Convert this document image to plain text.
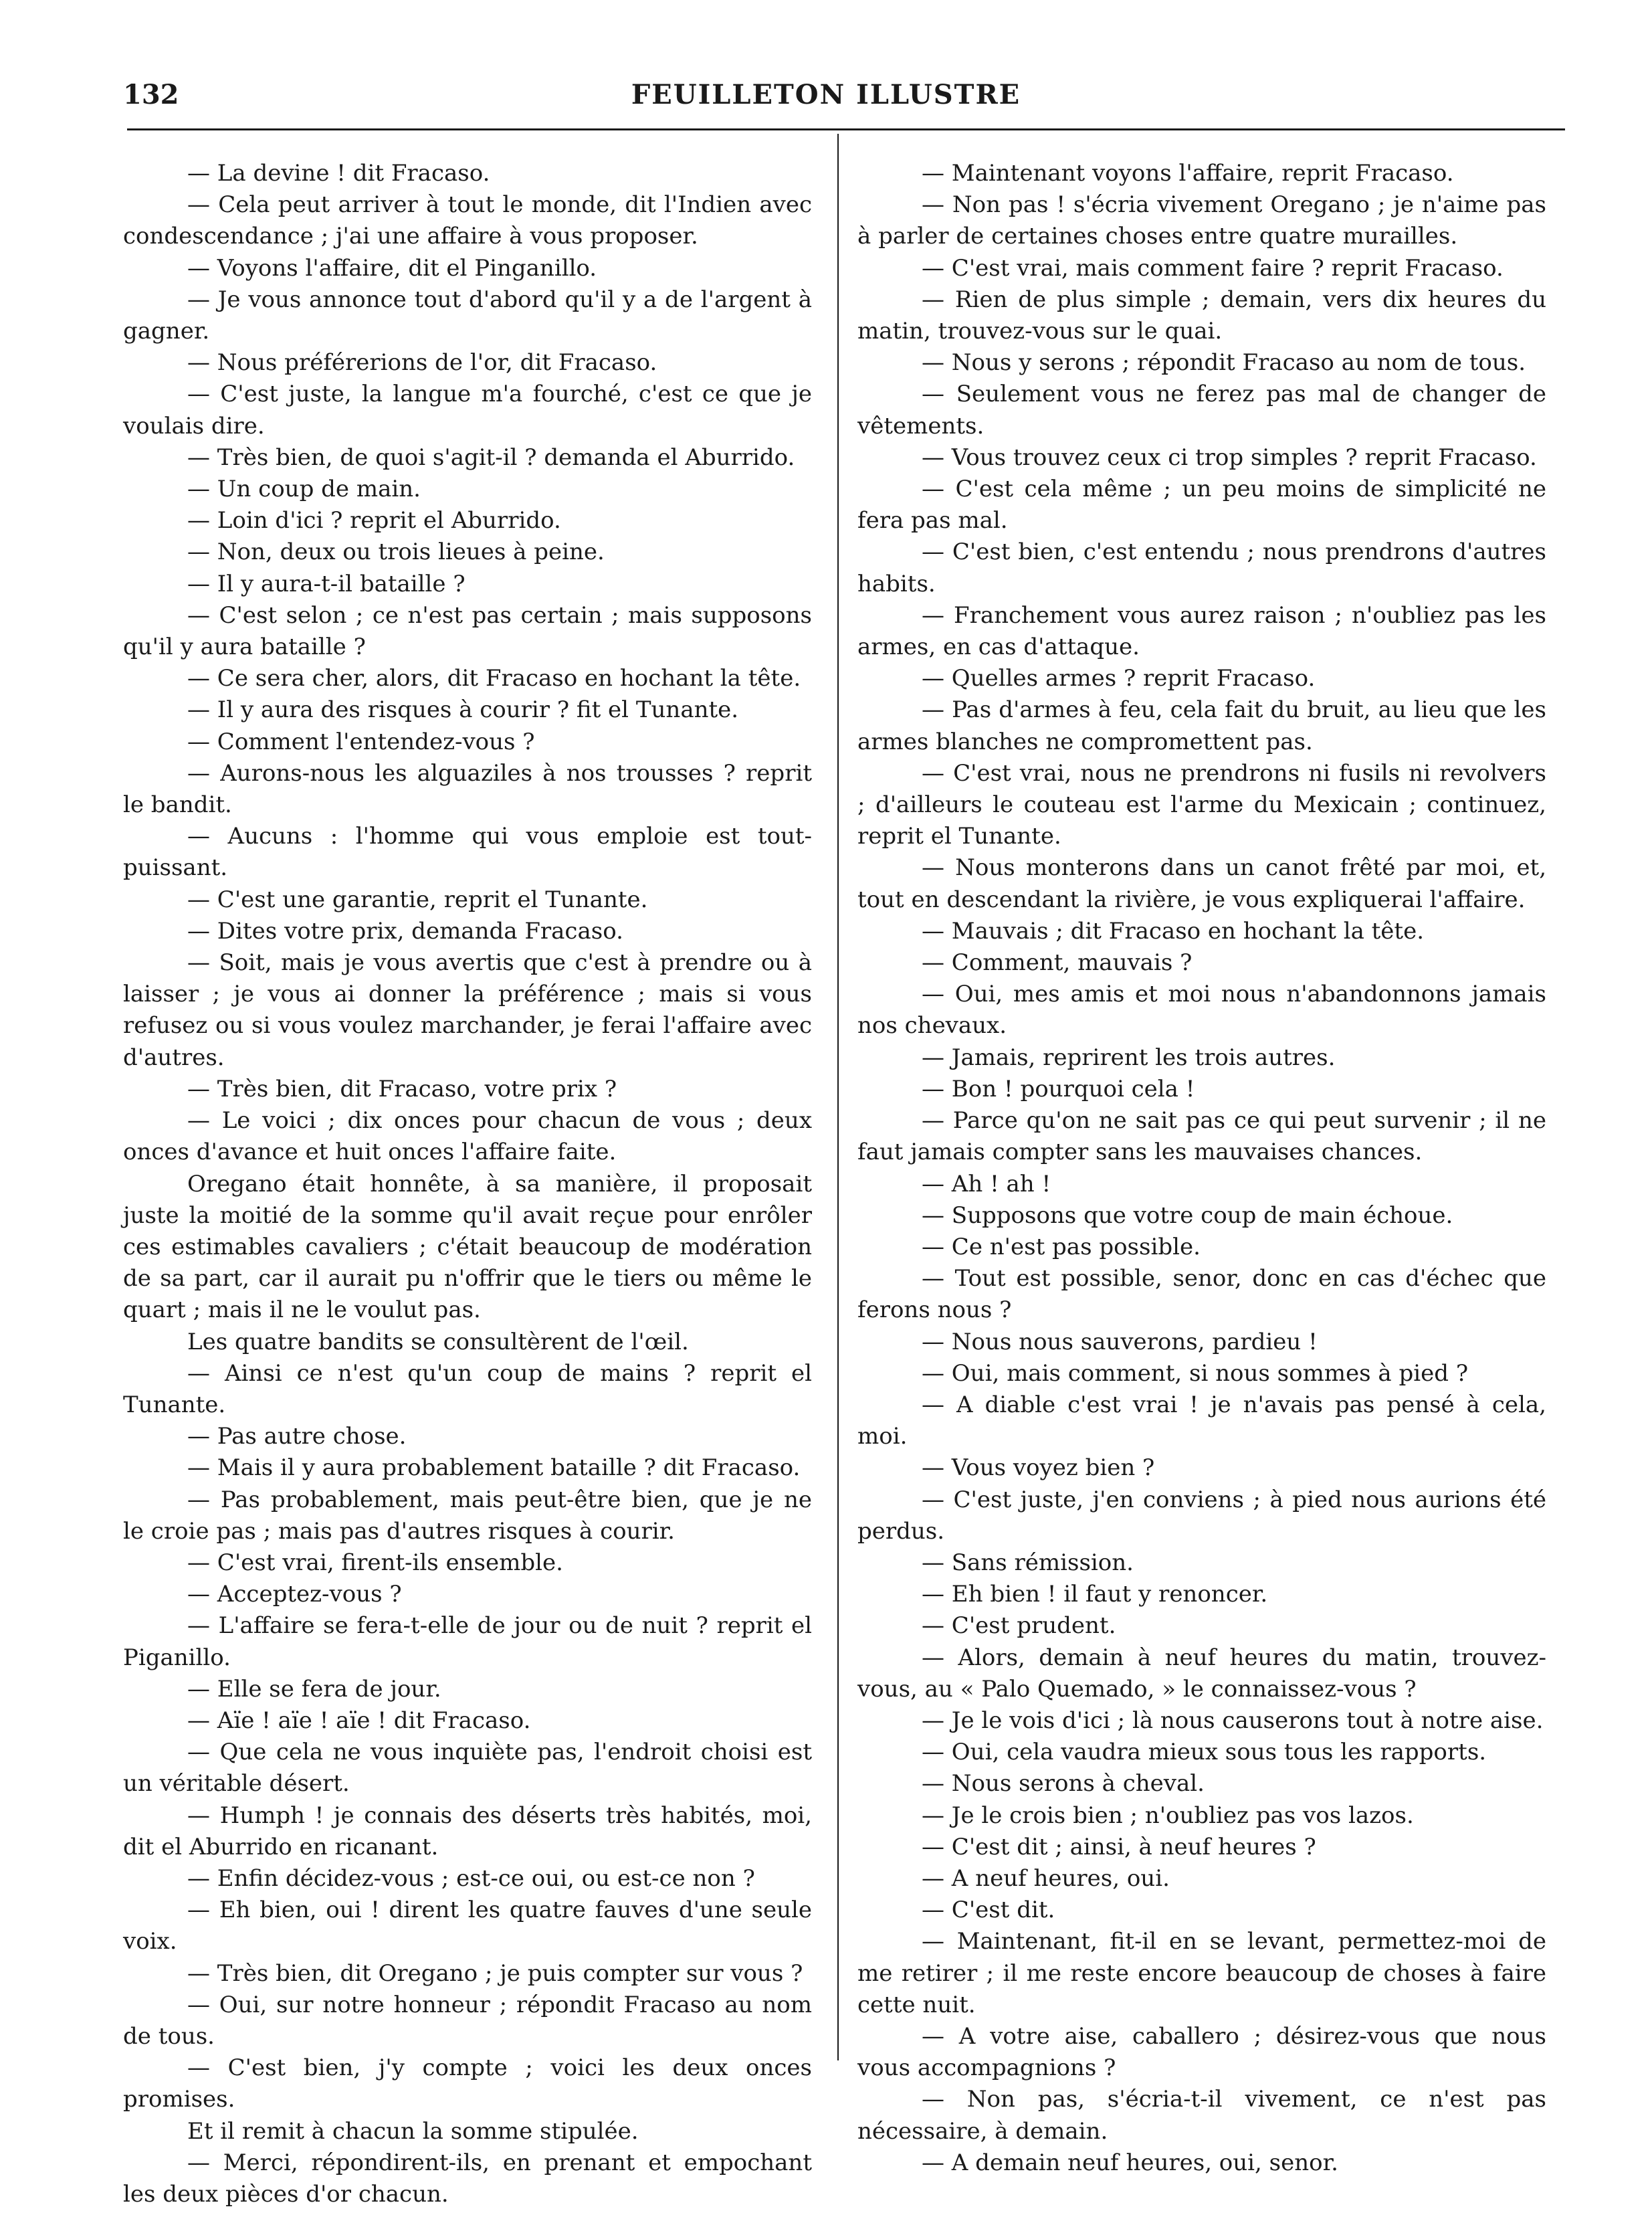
132	FEUILLETON ILLUSTRE

— La devine ! dit Fracaso.

— Cela peut arriver à tout le monde, dit l'Indien avec condescendance ; j'ai une affaire à vous proposer.

— Voyons l'affaire, dit el Pinganillo.

— Je vous annonce tout d'abord qu'il y a de l'argent à gagner.

— Nous préférerions de l'or, dit Fracaso.

— C'est juste, la langue m'a fourché, c'est ce que je voulais dire.

— Très bien, de quoi s'agit-il ? demanda el Aburrido.

— Un coup de main.

— Loin d'ici ? reprit el Aburrido.

— Non, deux ou trois lieues à peine.

— Il y aura-t-il bataille ?

— C'est selon ; ce n'est pas certain ; mais supposons qu'il y aura bataille ?

— Ce sera cher, alors, dit Fracaso en hochant la tête.

— Il y aura des risques à courir ? fit el Tunante.

— Comment l'entendez-vous ?

— Aurons-nous les alguaziles à nos trousses ? reprit le bandit.

— Aucuns : l'homme qui vous emploie est tout-puissant.

— C'est une garantie, reprit el Tunante.

— Dites votre prix, demanda Fracaso.

— Soit, mais je vous avertis que c'est à prendre ou à laisser ; je vous ai donner la préférence ; mais si vous refusez ou si vous voulez marchander, je ferai l'affaire avec d'autres.

— Très bien, dit Fracaso, votre prix ?

— Le voici ; dix onces pour chacun de vous ; deux onces d'avance et huit onces l'affaire faite.

Oregano était honnête, à sa manière, il proposait juste la moitié de la somme qu'il avait reçue pour enrôler ces estimables cavaliers ; c'était beaucoup de modération de sa part, car il aurait pu n'offrir que le tiers ou même le quart ; mais il ne le voulut pas.

Les quatre bandits se consultèrent de l'œil.

— Ainsi ce n'est qu'un coup de mains ? reprit el Tunante.

— Pas autre chose.

— Mais il y aura probablement bataille ? dit Fracaso.

— Pas probablement, mais peut-être bien, que je ne le croie pas ; mais pas d'autres risques à courir.

— C'est vrai, firent-ils ensemble.

— Acceptez-vous ?

— L'affaire se fera-t-elle de jour ou de nuit ? reprit el Piganillo.

— Elle se fera de jour.

— Aïe ! aïe ! aïe ! dit Fracaso.

— Que cela ne vous inquiète pas, l'endroit choisi est un véritable désert.

— Humph ! je connais des déserts très habités, moi, dit el Aburrido en ricanant.

— Enfin décidez-vous ; est-ce oui, ou est-ce non ?

— Eh bien, oui ! dirent les quatre fauves d'une seule voix.

— Très bien, dit Oregano ; je puis compter sur vous ?

— Oui, sur notre honneur ; répondit Fracaso au nom de tous.

— C'est bien, j'y compte ; voici les deux onces promises.

Et il remit à chacun la somme stipulée.

— Merci, répondirent-ils, en prenant et empochant les deux pièces d'or chacun.

— Maintenant voyons l'affaire, reprit Fracaso.

— Non pas ! s'écria vivement Oregano ; je n'aime pas à parler de certaines choses entre quatre murailles.

— C'est vrai, mais comment faire ? reprit Fracaso.

— Rien de plus simple ; demain, vers dix heures du matin, trouvez-vous sur le quai.

— Nous y serons ; répondit Fracaso au nom de tous.

— Seulement vous ne ferez pas mal de changer de vêtements.

— Vous trouvez ceux ci trop simples ? reprit Fracaso.

— C'est cela même ; un peu moins de simplicité ne fera pas mal.

— C'est bien, c'est entendu ; nous prendrons d'autres habits.

— Franchement vous aurez raison ; n'oubliez pas les armes, en cas d'attaque.

— Quelles armes ? reprit Fracaso.

— Pas d'armes à feu, cela fait du bruit, au lieu que les armes blanches ne compromettent pas.

— C'est vrai, nous ne prendrons ni fusils ni revolvers ; d'ailleurs le couteau est l'arme du Mexicain ; continuez, reprit el Tunante.

— Nous monterons dans un canot frêté par moi, et, tout en descendant la rivière, je vous expliquerai l'affaire.

— Mauvais ; dit Fracaso en hochant la tête.

— Comment, mauvais ?

— Oui, mes amis et moi nous n'abandonnons jamais nos chevaux.

— Jamais, reprirent les trois autres.

— Bon ! pourquoi cela !

— Parce qu'on ne sait pas ce qui peut survenir ; il ne faut jamais compter sans les mauvaises chances.

— Ah ! ah !

— Supposons que votre coup de main échoue.

— Ce n'est pas possible.

— Tout est possible, senor, donc en cas d'échec que ferons nous ?

— Nous nous sauverons, pardieu !

— Oui, mais comment, si nous sommes à pied ?

— A diable c'est vrai ! je n'avais pas pensé à cela, moi.

— Vous voyez bien ?

— C'est juste, j'en conviens ; à pied nous aurions été perdus.

— Sans rémission.

— Eh bien ! il faut y renoncer.

— C'est prudent.

— Alors, demain à neuf heures du matin, trouvez-vous, au « Palo Quemado, » le connaissez-vous ?

— Je le vois d'ici ; là nous causerons tout à notre aise.

— Oui, cela vaudra mieux sous tous les rapports.

— Nous serons à cheval.

— Je le crois bien ; n'oubliez pas vos lazos.

— C'est dit ; ainsi, à neuf heures ?

— A neuf heures, oui.

— C'est dit.

— Maintenant, fit-il en se levant, permettez-moi de me retirer ; il me reste encore beaucoup de choses à faire cette nuit.

— A votre aise, caballero ; désirez-vous que nous vous accompagnions ?

— Non pas, s'écria-t-il vivement, ce n'est pas nécessaire, à demain.

— A demain neuf heures, oui, senor.
